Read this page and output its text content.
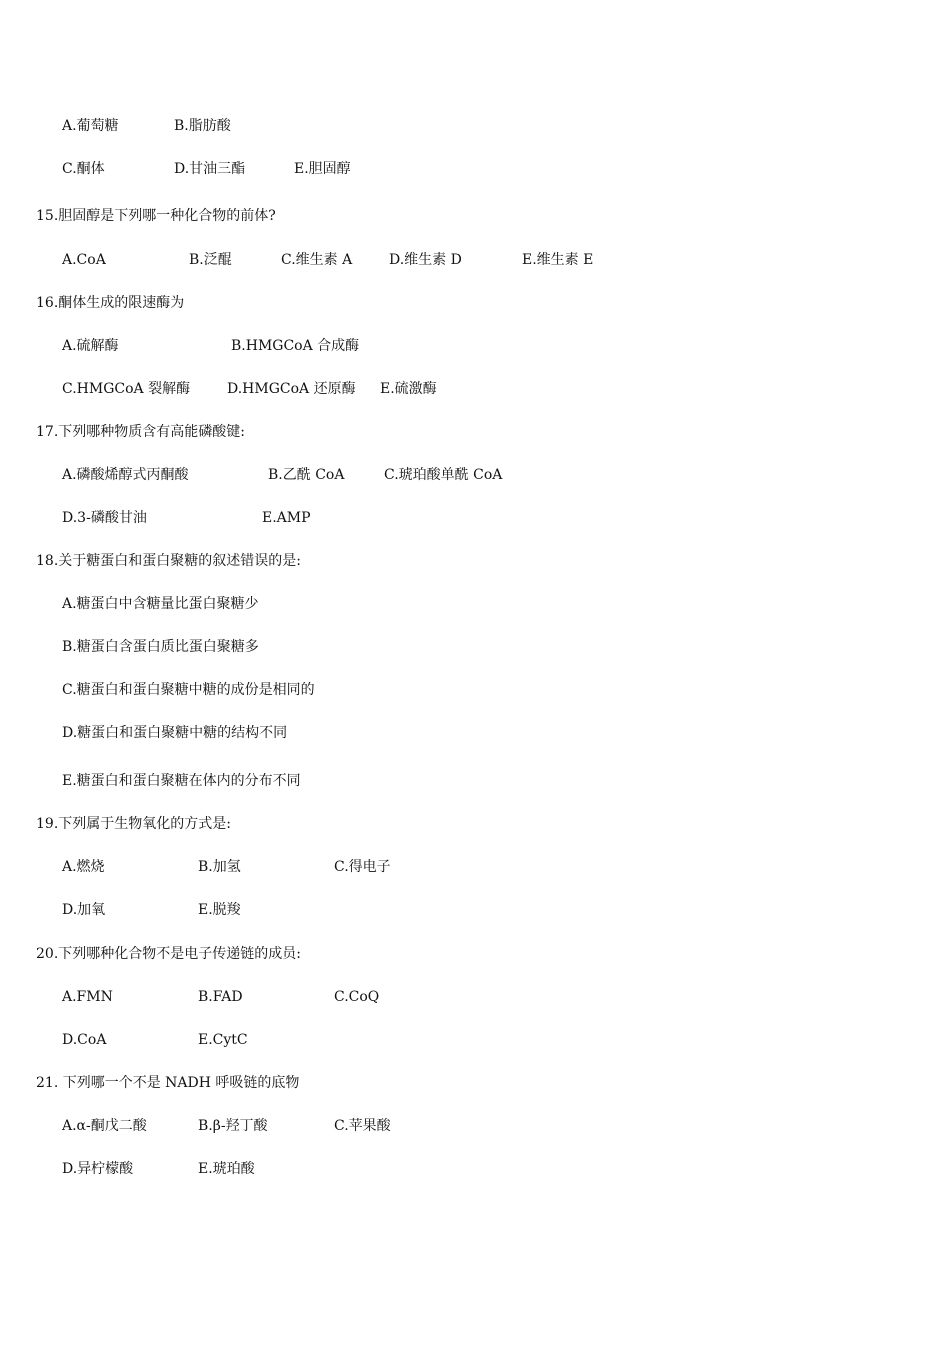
A.葡萄糖	B.脂肪酸
C.酮体	D.甘油三酯	E.胆固醇
15.胆固醇是下列哪一种化合物的前体?
A.CoA	B.泛醌	C.维生素 A	D.维生素 D	E.维生素 E
16.酮体生成的限速酶为
A.硫解酶	B.HMGCoA 合成酶
C.HMGCoA 裂解酶	D.HMGCoA 还原酶 E.硫激酶
17.下列哪种物质含有高能磷酸键:
A.磷酸烯醇式丙酮酸	B.乙酰 CoA	C.琥珀酸单酰 CoA
D.3-磷酸甘油	E.AMP
18.关于糖蛋白和蛋白聚糖的叙述错误的是:
A.糖蛋白中含糖量比蛋白聚糖少
B.糖蛋白含蛋白质比蛋白聚糖多
C.糖蛋白和蛋白聚糖中糖的成份是相同的
D.糖蛋白和蛋白聚糖中糖的结构不同
E.糖蛋白和蛋白聚糖在体内的分布不同
19.下列属于生物氧化的方式是:
A.燃烧	B.加氢	C.得电子
D.加氧	E.脱羧
20.下列哪种化合物不是电子传递链的成员:
A.FMN	B.FAD	C.CoQ
D.CoA	E.CytC
21. 下列哪一个不是 NADH 呼吸链的底物
A.α-酮戊二酸	B.β-羟丁酸	C.苹果酸
D.异柠檬酸	E.琥珀酸
